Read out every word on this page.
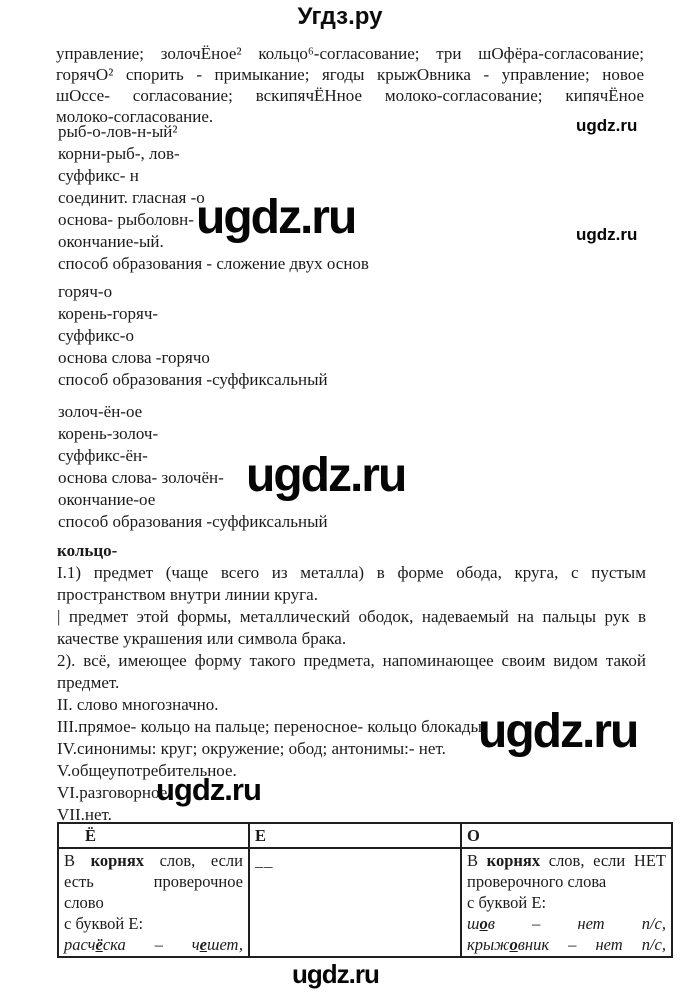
Угдз.ру
управление; золочЁное² кольцо⁶-согласование; три шОфёра-согласование;
горячО² спорить - примыкание; ягоды крыжОвника - управление; новое
шОссе- согласование; вскипячЁНное молоко-согласование; кипячЁное
молоко-согласование.
рыб-о-лов-н-ый²
корни-рыб-, лов-
суффикс- н
соединит. гласная -о
основа- рыболовн-
окончание-ый.
способ образования - сложение двух основ
горяч-о
корень-горяч-
суффикс-о
основа слова -горячо
способ образования -суффиксальный
золоч-ён-ое
корень-золоч-
суффикс-ён-
основа слова- золочён-
окончание-ое
способ образования -суффиксальный
кольцо-
I.1) предмет (чаще всего из металла) в форме обода, круга, с пустым
пространством внутри линии круга.
| предмет этой формы, металлический ободок, надеваемый на пальцы рук в
качестве украшения или символа брака.
2). всё, имеющее форму такого предмета, напоминающее своим видом такой
предмет.
II. слово многозначно.
III.прямое- кольцо на пальце; переносное- кольцо блокады.
IV.синонимы: круг; окружение; обод; антонимы:- нет.
V.общеупотребительное.
VI.разговорное.
VII.нет.
Ё	Е	О

В корнях слов, если
есть проверочное
слово
с буквой Е:
расчёска – чешет,

__	В корнях слов, если НЕТ
проверочного слова
с буквой Е:
шов – нет п/с,
крыжовник – нет п/с,
ugdz.ru
ugdz.ru	ugdz.ru
ugdz.ru
ugdz.ru
ugdz.ru
ugdz.ru
